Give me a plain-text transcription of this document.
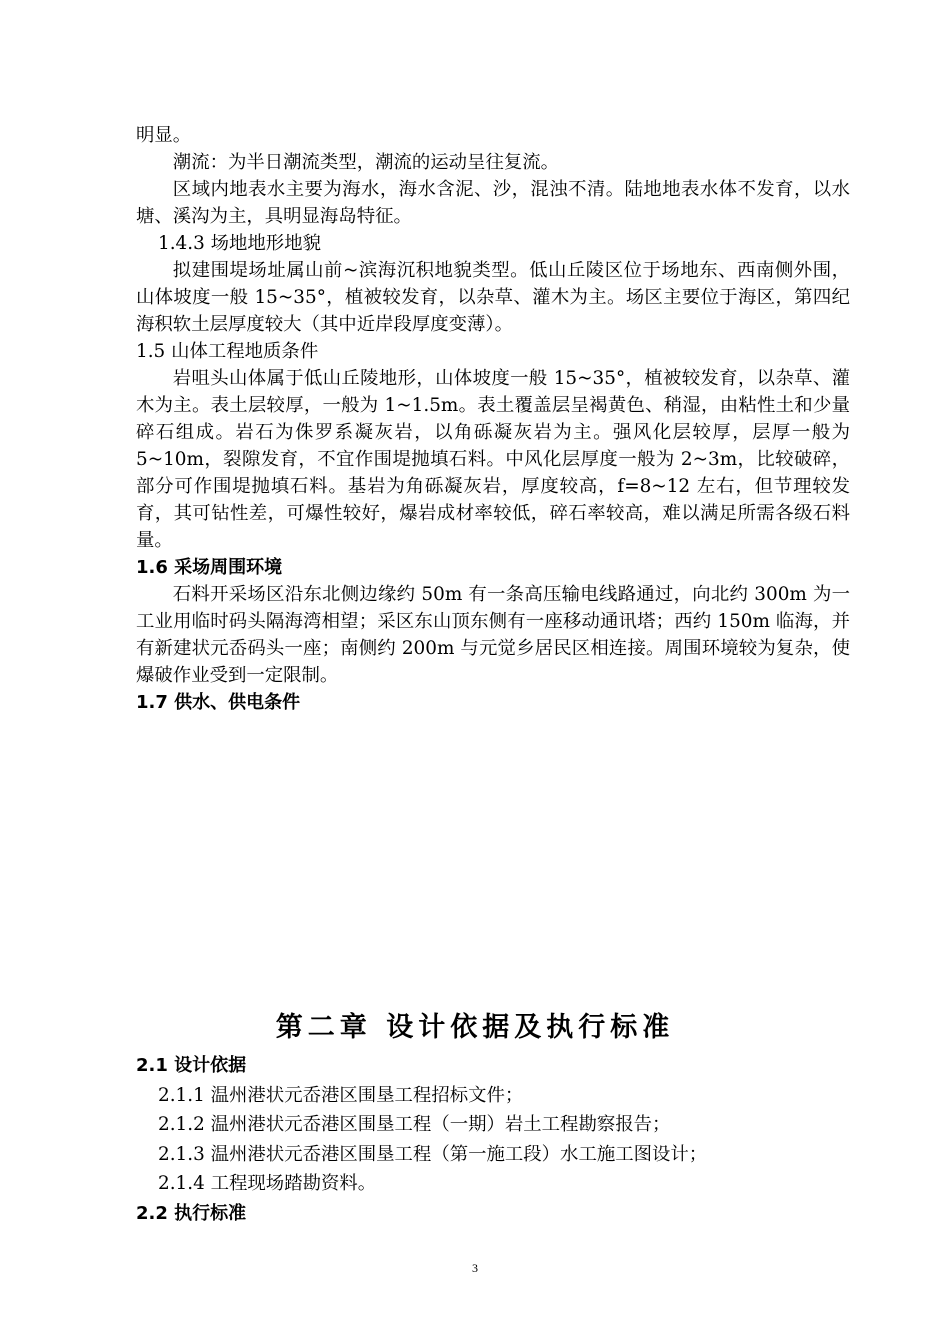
明显。

潮流：为半日潮流类型，潮流的运动呈往复流。

区域内地表水主要为海水，海水含泥、沙，混浊不清。陆地地表水体不发育，以水塘、溪沟为主，具明显海岛特征。

1.4.3 场地地形地貌

拟建围堤场址属山前~滨海沉积地貌类型。低山丘陵区位于场地东、西南侧外围，山体坡度一般 15~35°，植被较发育，以杂草、灌木为主。场区主要位于海区，第四纪海积软土层厚度较大（其中近岸段厚度变薄）。

1.5 山体工程地质条件

岩咀头山体属于低山丘陵地形，山体坡度一般 15~35°，植被较发育，以杂草、灌木为主。表土层较厚，一般为 1~1.5m。表土覆盖层呈褐黄色、稍湿，由粘性土和少量碎石组成。岩石为侏罗系凝灰岩，以角砾凝灰岩为主。强风化层较厚，层厚一般为 5~10m，裂隙发育，不宜作围堤抛填石料。中风化层厚度一般为 2~3m，比较破碎，部分可作围堤抛填石料。基岩为角砾凝灰岩，厚度较高，f=8~12 左右，但节理较发育，其可钻性差，可爆性较好，爆岩成材率较低，碎石率较高，难以满足所需各级石料量。

1.6 采场周围环境

石料开采场区沿东北侧边缘约 50m 有一条高压输电线路通过，向北约 300m 为一工业用临时码头隔海湾相望；采区东山顶东侧有一座移动通讯塔；西约 150m 临海，并有新建状元岙码头一座；南侧约 200m 与元觉乡居民区相连接。周围环境较为复杂，使爆破作业受到一定限制。

1.7 供水、供电条件

第二章 设计依据及执行标准

2.1 设计依据

2.1.1 温州港状元岙港区围垦工程招标文件；

2.1.2 温州港状元岙港区围垦工程（一期）岩土工程勘察报告；

2.1.3 温州港状元岙港区围垦工程（第一施工段）水工施工图设计；

2.1.4 工程现场踏勘资料。

2.2 执行标准

3
